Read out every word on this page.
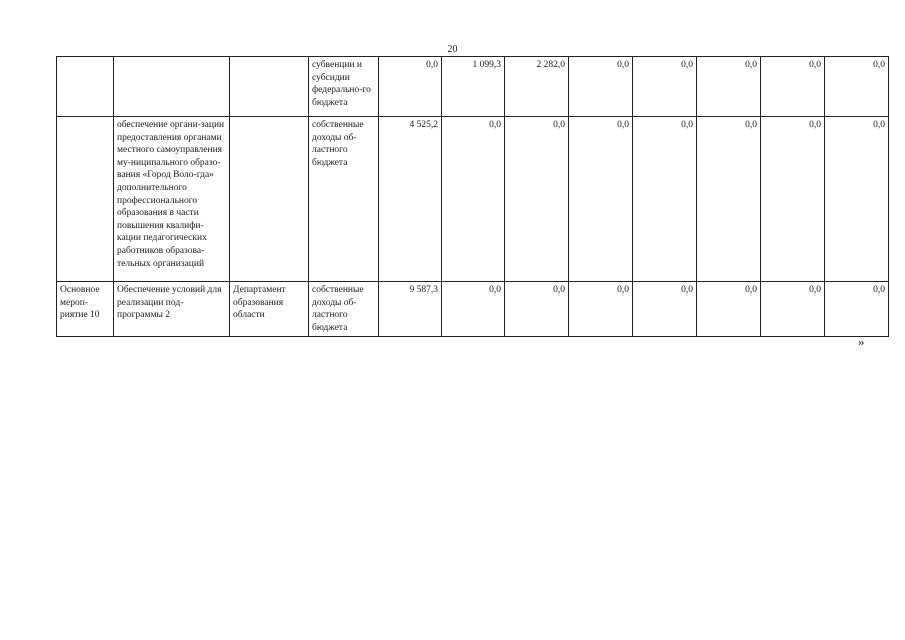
20
			субвенции и субсидии федерально-го бюджета	0,0	1 099,3	2 282,0	0,0	0,0	0,0	0,0	0,0
	обеспечение органи-зации предоставления органами местного самоуправления му-ниципального образо-вания «Город Воло-гда» дополнительного профессионального образования в части повышения квалифи-кации педагогических работников образова-тельных организаций		собственные доходы об-ластного бюджета	4 525,2	0,0	0,0	0,0	0,0	0,0	0,0	0,0
Основное мероп-риятие 10	Обеспечение условий для реализации под-программы 2	Департамент образования области	собственные доходы об-ластного бюджета	9 587,3	0,0	0,0	0,0	0,0	0,0	0,0	0,0
»
